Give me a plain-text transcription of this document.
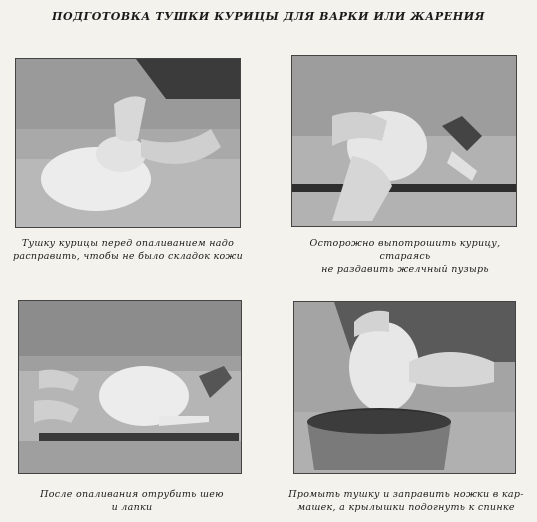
ПОДГОТОВКА ТУШКИ КУРИЦЫ ДЛЯ ВАРКИ ИЛИ ЖАРЕНИЯ
Тушку курицы перед опаливанием надо
расправить, чтобы не было складок кожи
Осторожно выпотрошить курицу, стараясь
не раздавить желчный пузырь
После опаливания отрубить шею
и лапки
Промыть тушку и заправить ножки в кар-
машек, а крылышки подогнуть к спинке
